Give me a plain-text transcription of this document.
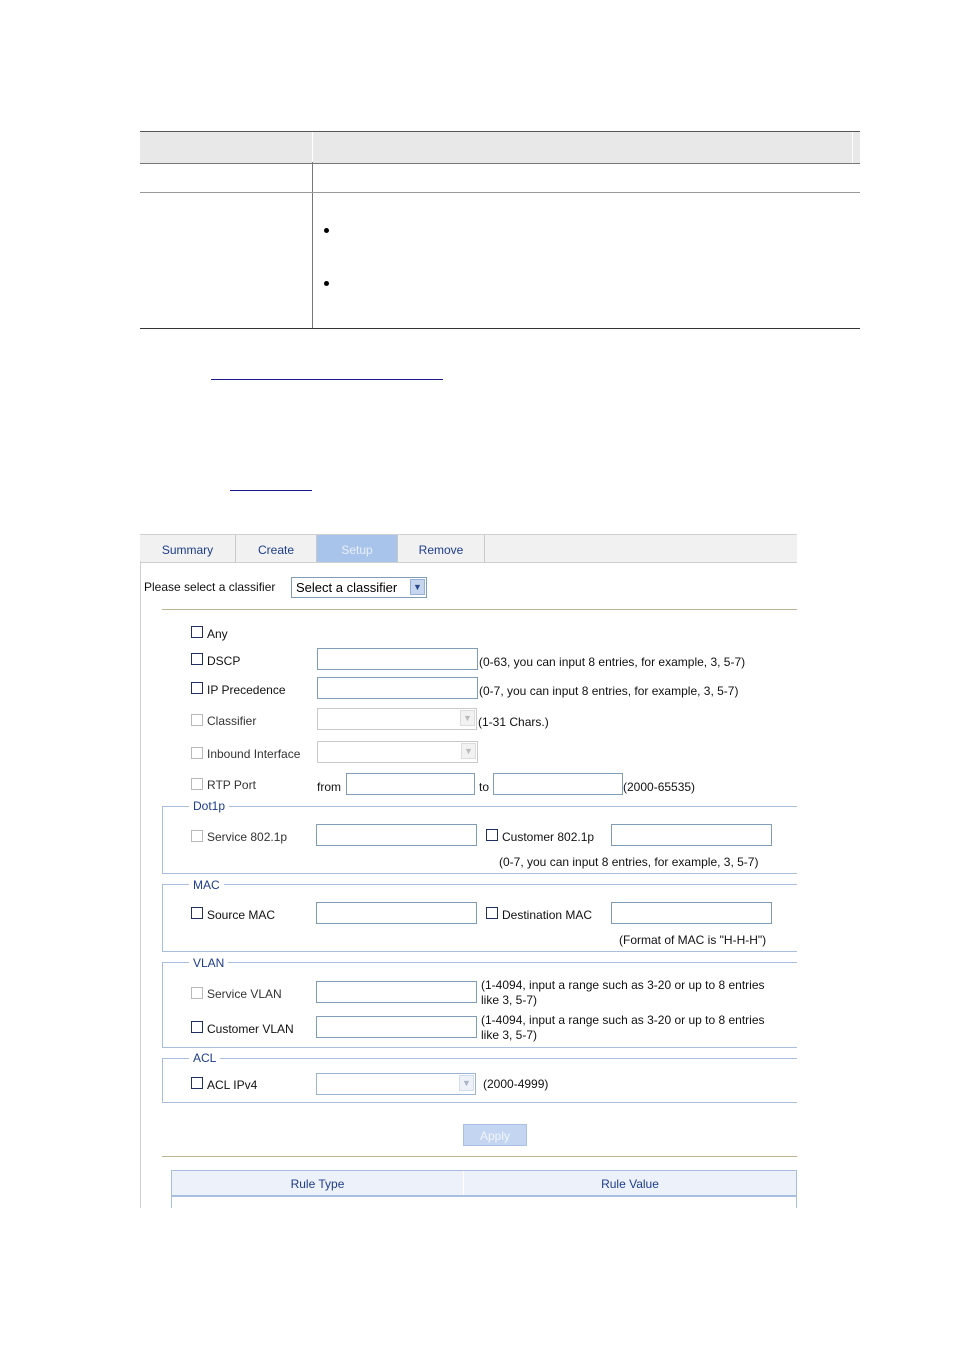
Summary	Create	Setup	Remove
Please select a classifier Select a classifier	▼
Any
DSCP	(0-63, you can input 8 entries, for example, 3, 5-7)
IP Precedence	(0-7, you can input 8 entries, for example, 3, 5-7)
Classifier	▼ (1-31 Chars.)
Inbound Interface	▼
RTP Port	from	to	(2000-65535)
Dot1p
Service 802.1p	Customer 802.1p
(0-7, you can input 8 entries, for example, 3, 5-7)
MAC
Source MAC	Destination MAC
(Format of MAC is "H-H-H")
VLAN
Service VLAN
(1-4094, input a range such as 3-20 or up to 8 entries
like 3, 5-7)
Customer VLAN
(1-4094, input a range such as 3-20 or up to 8 entries
like 3, 5-7)
ACL
ACL IPv4	▼ (2000-4999)
Apply
Rule Type	Rule Value
